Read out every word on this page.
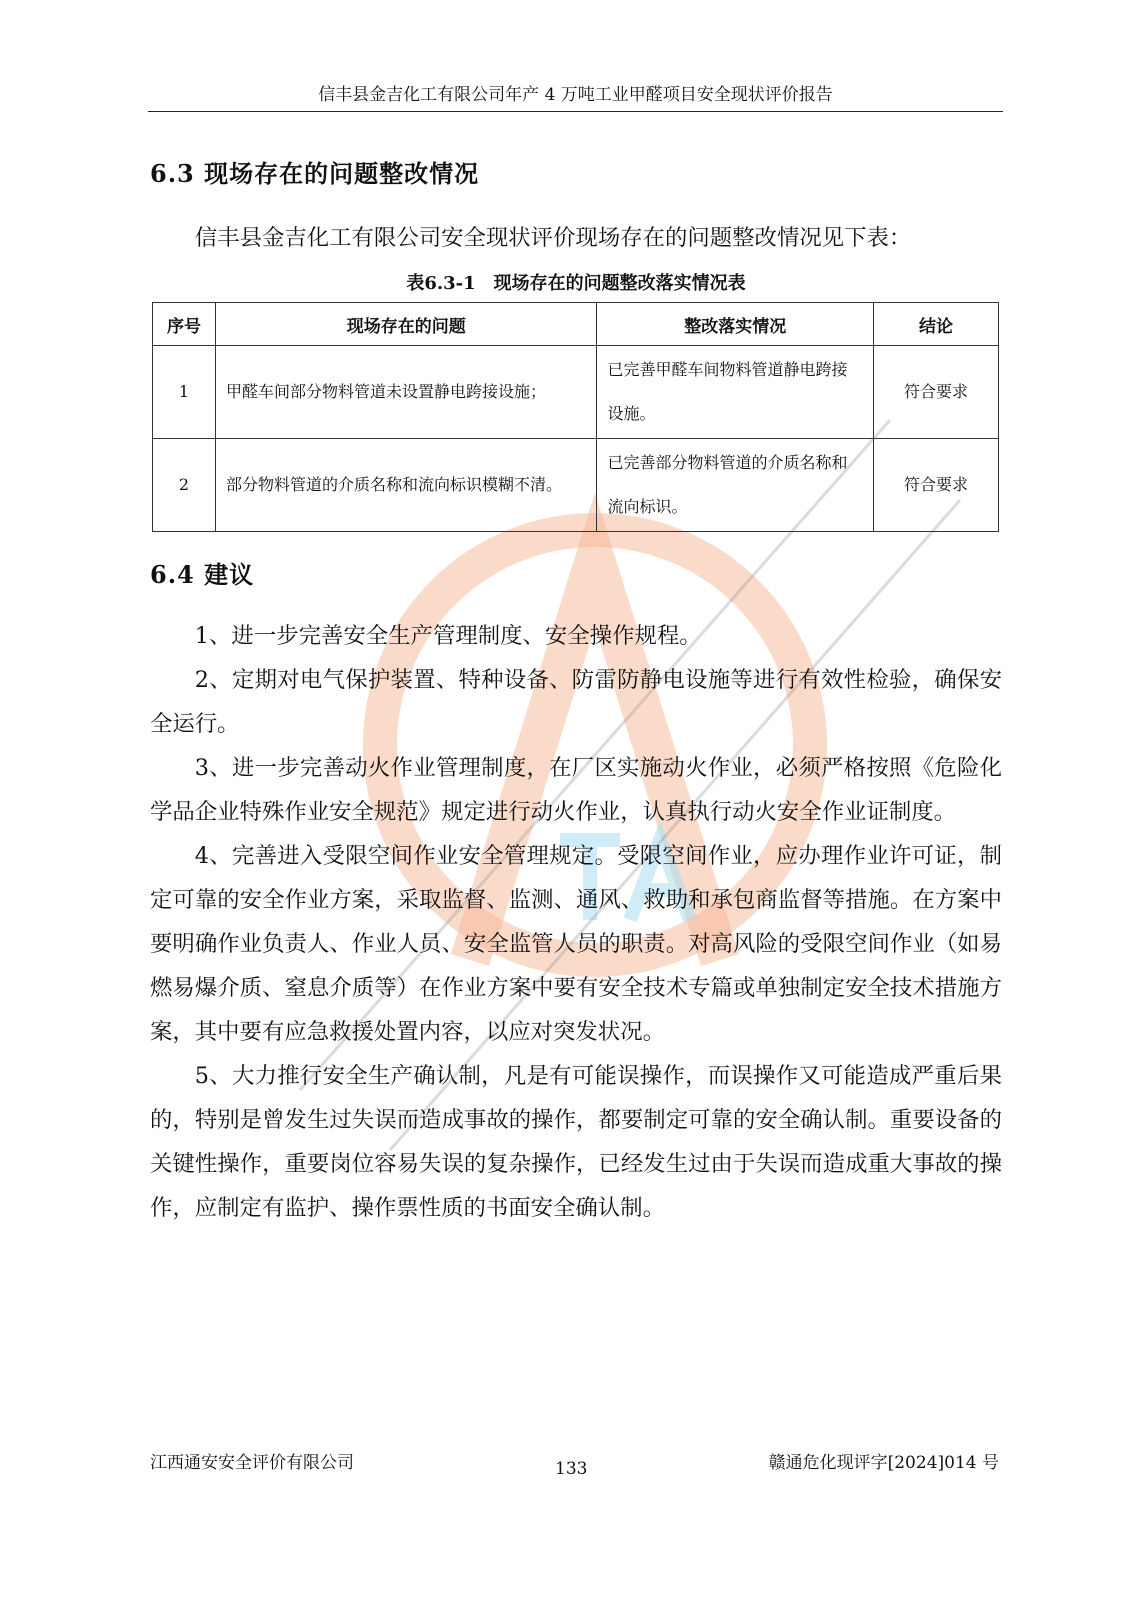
信丰县金吉化工有限公司年产 4 万吨工业甲醛项目安全现状评价报告
6.3 现场存在的问题整改情况
信丰县金吉化工有限公司安全现状评价现场存在的问题整改情况见下表：
表6.3-1　现场存在的问题整改落实情况表
序号	现场存在的问题	整改落实情况	结论
1	甲醛车间部分物料管道未设置静电跨接设施；	已完善甲醛车间物料管道静电跨接设施。	符合要求
2	部分物料管道的介质名称和流向标识模糊不清。	已完善部分物料管道的介质名称和流向标识。	符合要求
6.4 建议

1、进一步完善安全生产管理制度、安全操作规程。

2、定期对电气保护装置、特种设备、防雷防静电设施等进行有效性检验，确保安全运行。

3、进一步完善动火作业管理制度，在厂区实施动火作业，必须严格按照《危险化学品企业特殊作业安全规范》规定进行动火作业，认真执行动火安全作业证制度。

4、完善进入受限空间作业安全管理规定。受限空间作业，应办理作业许可证，制定可靠的安全作业方案，采取监督、监测、通风、救助和承包商监督等措施。在方案中要明确作业负责人、作业人员、安全监管人员的职责。对高风险的受限空间作业（如易燃易爆介质、窒息介质等）在作业方案中要有安全技术专篇或单独制定安全技术措施方案，其中要有应急救援处置内容，以应对突发状况。

5、大力推行安全生产确认制，凡是有可能误操作，而误操作又可能造成严重后果的，特别是曾发生过失误而造成事故的操作，都要制定可靠的安全确认制。重要设备的关键性操作，重要岗位容易失误的复杂操作，已经发生过由于失误而造成重大事故的操作，应制定有监护、操作票性质的书面安全确认制。

江西通安安全评价有限公司	133	赣通危化现评字[2024]014 号
